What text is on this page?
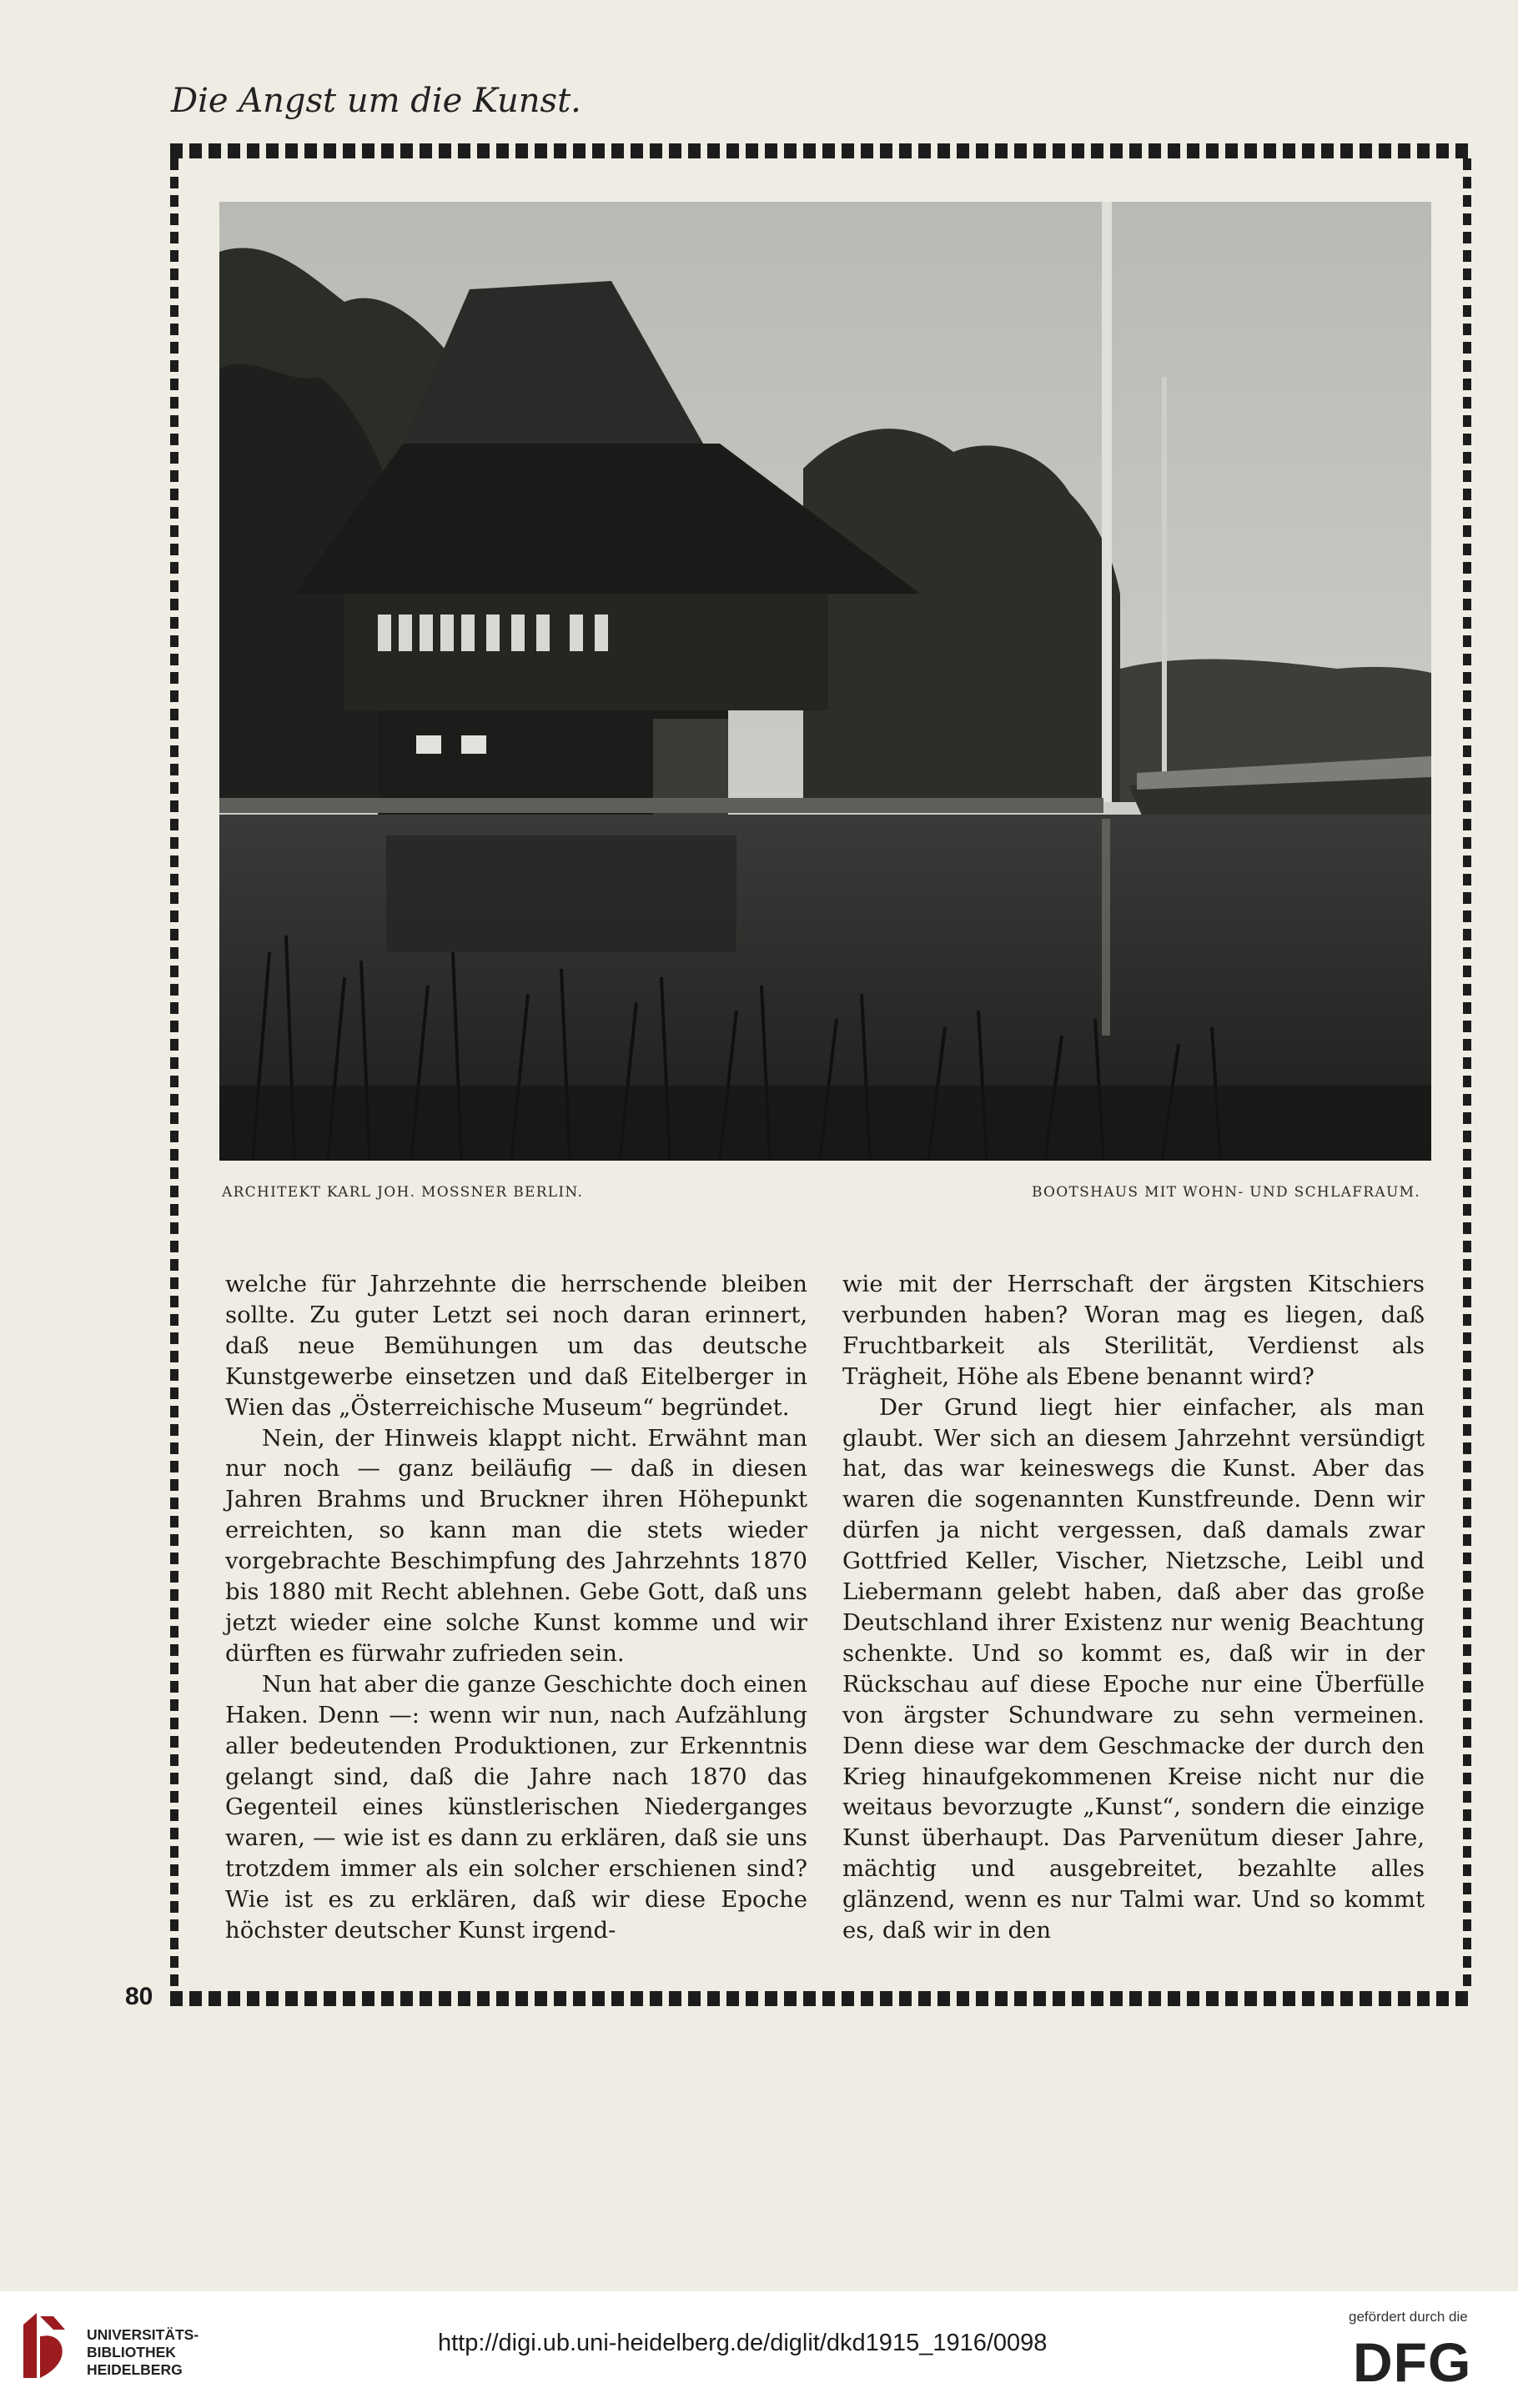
Die Angst um die Kunst.
ARCHITEKT KARL JOH. MOSSNER BERLIN.	BOOTSHAUS MIT WOHN- UND SCHLAFRAUM.

welche für Jahrzehnte die herrschende bleiben sollte. Zu guter Letzt sei noch daran erinnert, daß neue Bemühungen um das deutsche Kunstgewerbe einsetzen und daß Eitelberger in Wien das „Österreichische Museum“ begründet.

Nein, der Hinweis klappt nicht. Erwähnt man nur noch — ganz beiläufig — daß in diesen Jahren Brahms und Bruckner ihren Höhepunkt erreichten, so kann man die stets wieder vorgebrachte Beschimpfung des Jahrzehnts 1870 bis 1880 mit Recht ablehnen. Gebe Gott, daß uns jetzt wieder eine solche Kunst komme und wir dürften es fürwahr zufrieden sein.

Nun hat aber die ganze Geschichte doch einen Haken. Denn —: wenn wir nun, nach Aufzählung aller bedeutenden Produktionen, zur Erkenntnis gelangt sind, daß die Jahre nach 1870 das Gegenteil eines künstlerischen Niederganges waren, — wie ist es dann zu erklären, daß sie uns trotzdem immer als ein solcher erschienen sind? Wie ist es zu erklären, daß wir diese Epoche höchster deutscher Kunst irgend-

wie mit der Herrschaft der ärgsten Kitschiers verbunden haben? Woran mag es liegen, daß Fruchtbarkeit als Sterilität, Verdienst als Trägheit, Höhe als Ebene benannt wird?

Der Grund liegt hier einfacher, als man glaubt. Wer sich an diesem Jahrzehnt versündigt hat, das war keineswegs die Kunst. Aber das waren die sogenannten Kunstfreunde. Denn wir dürfen ja nicht vergessen, daß damals zwar Gottfried Keller, Vischer, Nietzsche, Leibl und Liebermann gelebt haben, daß aber das große Deutschland ihrer Existenz nur wenig Beachtung schenkte. Und so kommt es, daß wir in der Rückschau auf diese Epoche nur eine Überfülle von ärgster Schundware zu sehn vermeinen. Denn diese war dem Geschmacke der durch den Krieg hinaufgekommenen Kreise nicht nur die weitaus bevorzugte „Kunst“, sondern die einzige Kunst überhaupt. Das Parvenütum dieser Jahre, mächtig und ausgebreitet, bezahlte alles glänzend, wenn es nur Talmi war. Und so kommt es, daß wir in den

80
UNIVERSITÄTS-
BIBLIOTHEK
HEIDELBERG
http://digi.ub.uni-heidelberg.de/diglit/dkd1915_1916/0098
gefördert durch die
DFG
